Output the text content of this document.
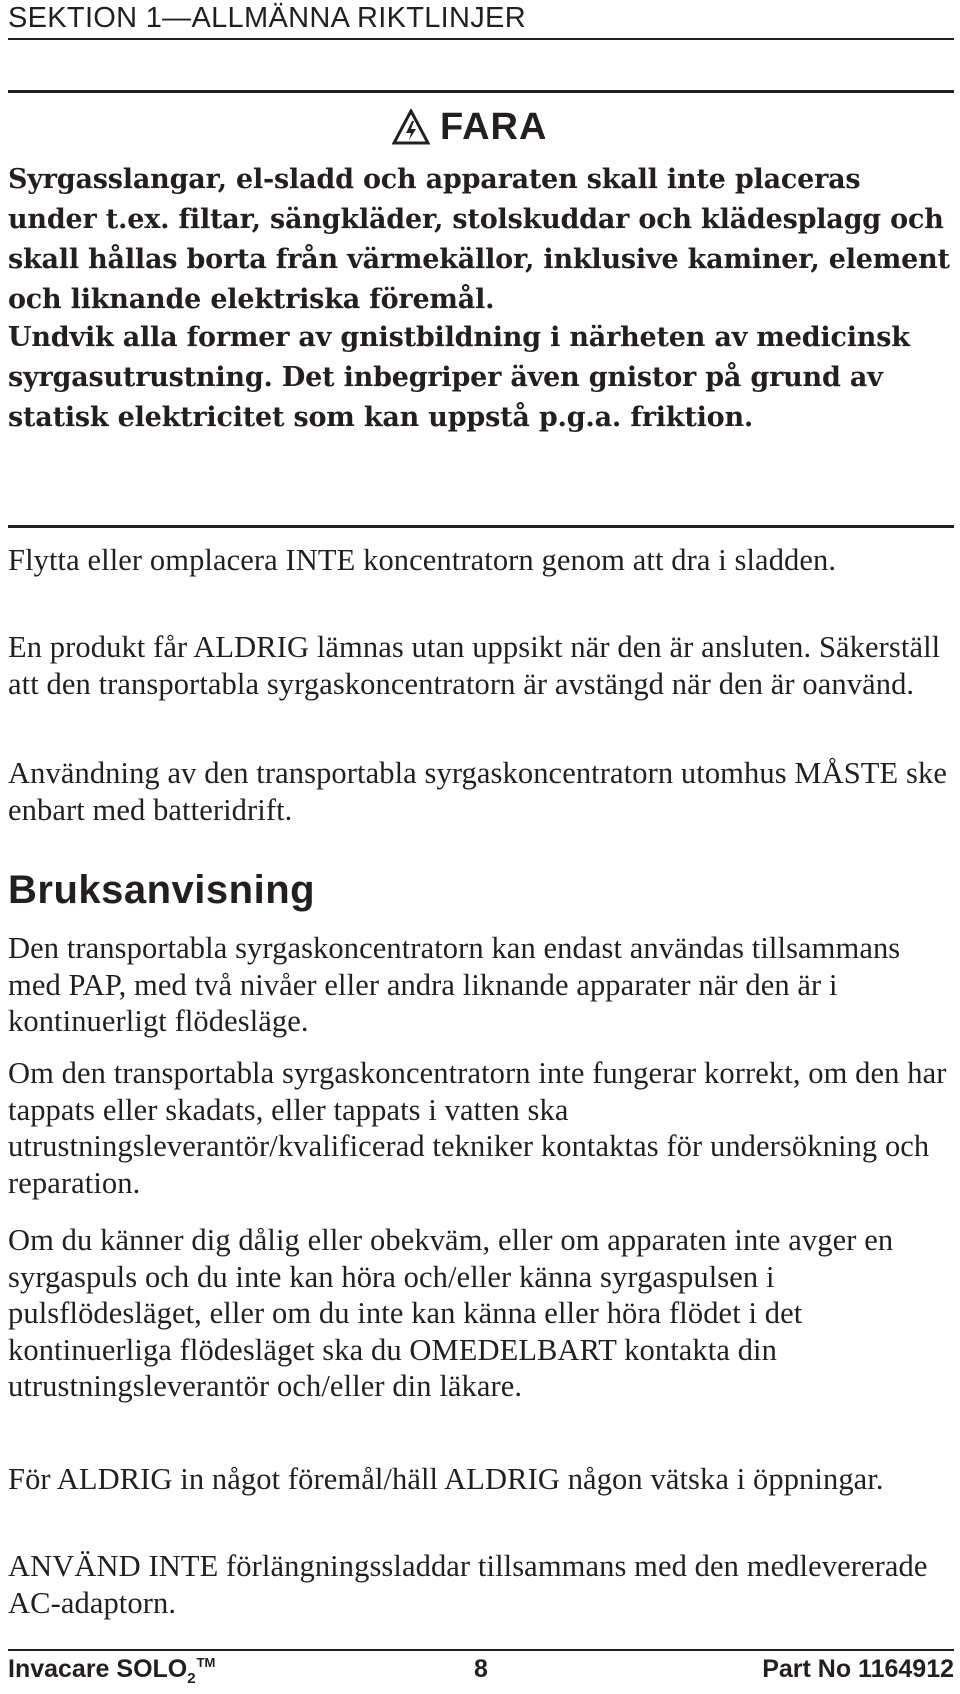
SEKTION 1—ALLMÄNNA RIKTLINJER
FARA
Syrgasslangar, el-sladd och apparaten skall inte placeras under t.ex. filtar, sängkläder, stolskuddar och klädesplagg och skall hållas borta från värmekällor, inklusive kaminer, element och liknande elektriska föremål.
Undvik alla former av gnistbildning i närheten av medicinsk syrgasutrustning. Det inbegriper även gnistor på grund av statisk elektricitet som kan uppstå p.g.a. friktion.
Flytta eller omplacera INTE koncentratorn genom att dra i sladden.
En produkt får ALDRIG lämnas utan uppsikt när den är ansluten. Säkerställ att den transportabla syrgaskoncentratorn är avstängd när den är oanvänd.
Användning av den transportabla syrgaskoncentratorn utomhus MÅSTE ske enbart med batteridrift.
Bruksanvisning
Den transportabla syrgaskoncentratorn kan endast användas tillsammans med PAP, med två nivåer eller andra liknande apparater när den är i kontinuerligt flödesläge.
Om den transportabla syrgaskoncentratorn inte fungerar korrekt, om den har tappats eller skadats, eller tappats i vatten ska utrustningsleverantör/kvalificerad tekniker kontaktas för undersökning och reparation.
Om du känner dig dålig eller obekväm, eller om apparaten inte avger en syrgaspuls och du inte kan höra och/eller känna syrgaspulsen i pulsflödesläget, eller om du inte kan känna eller höra flödet i det kontinuerliga flödesläget ska du OMEDELBART kontakta din utrustningsleverantör och/eller din läkare.
För ALDRIG in något föremål/häll ALDRIG någon vätska i öppningar.
ANVÄND INTE förlängningssladdar tillsammans med den medlevererade AC-adaptorn.
Invacare $SOLO_2™$	8	Part No 1164912
